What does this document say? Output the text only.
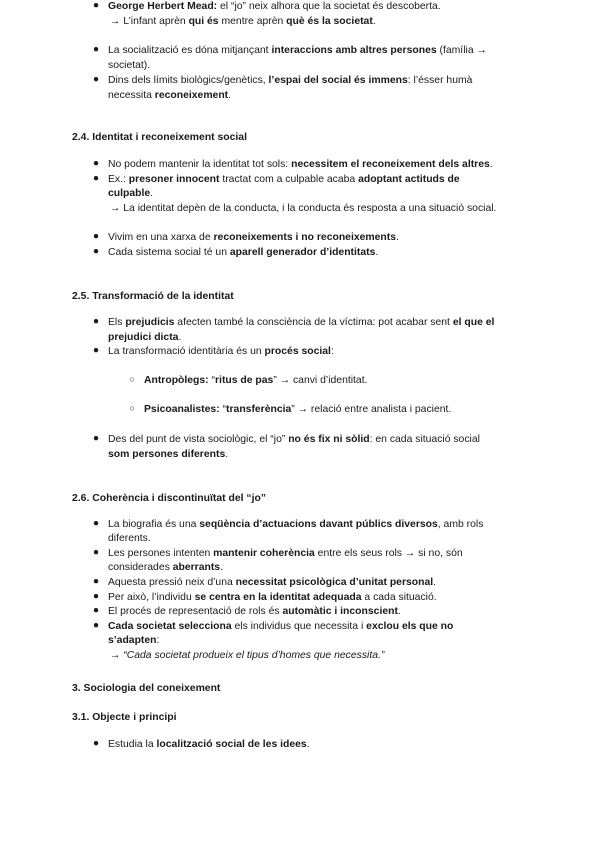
● George Herbert Mead: el “jo” neix alhora que la societat és descoberta.
→ L’infant aprèn qui és mentre aprèn què és la societat.
● La socialització es dóna mitjançant interaccions amb altres persones (família →
societat).
● Dins dels límits biològics/genètics, l’espai del social és immens: l’ésser humà
necessita reconeixement.
2.4. Identitat i reconeixement social
● No podem mantenir la identitat tot sols: necessitem el reconeixement dels altres.
● Ex.: presoner innocent tractat com a culpable acaba adoptant actituds de
culpable.
→ La identitat depèn de la conducta, i la conducta és resposta a una situació social.
● Vivim en una xarxa de reconeixements i no reconeixements.
● Cada sistema social té un aparell generador d’identitats.
2.5. Transformació de la identitat
● Els prejudicis afecten també la consciència de la víctima: pot acabar sent el que el
prejudici dicta.
● La transformació identitària és un procés social:
○ Antropòlegs: “ritus de pas” → canvi d’identitat.
○ Psicoanalistes: “transferència” → relació entre analista i pacient.
● Des del punt de vista sociològic, el “jo” no és fix ni sòlid: en cada situació social
som persones diferents.
2.6. Coherència i discontinuïtat del “jo”
● La biografia és una seqüència d’actuacions davant públics diversos, amb rols
diferents.
● Les persones intenten mantenir coherència entre els seus rols → si no, són
considerades aberrants.
● Aquesta pressió neix d’una necessitat psicològica d’unitat personal.
● Per això, l’individu se centra en la identitat adequada a cada situació.
● El procés de representació de rols és automàtic i inconscient.
● Cada societat selecciona els individus que necessita i exclou els que no
s’adapten:
→ “Cada societat produeix el tipus d’homes que necessita.”
3. Sociologia del coneixement
3.1. Objecte i principi
● Estudia la localització social de les idees.
